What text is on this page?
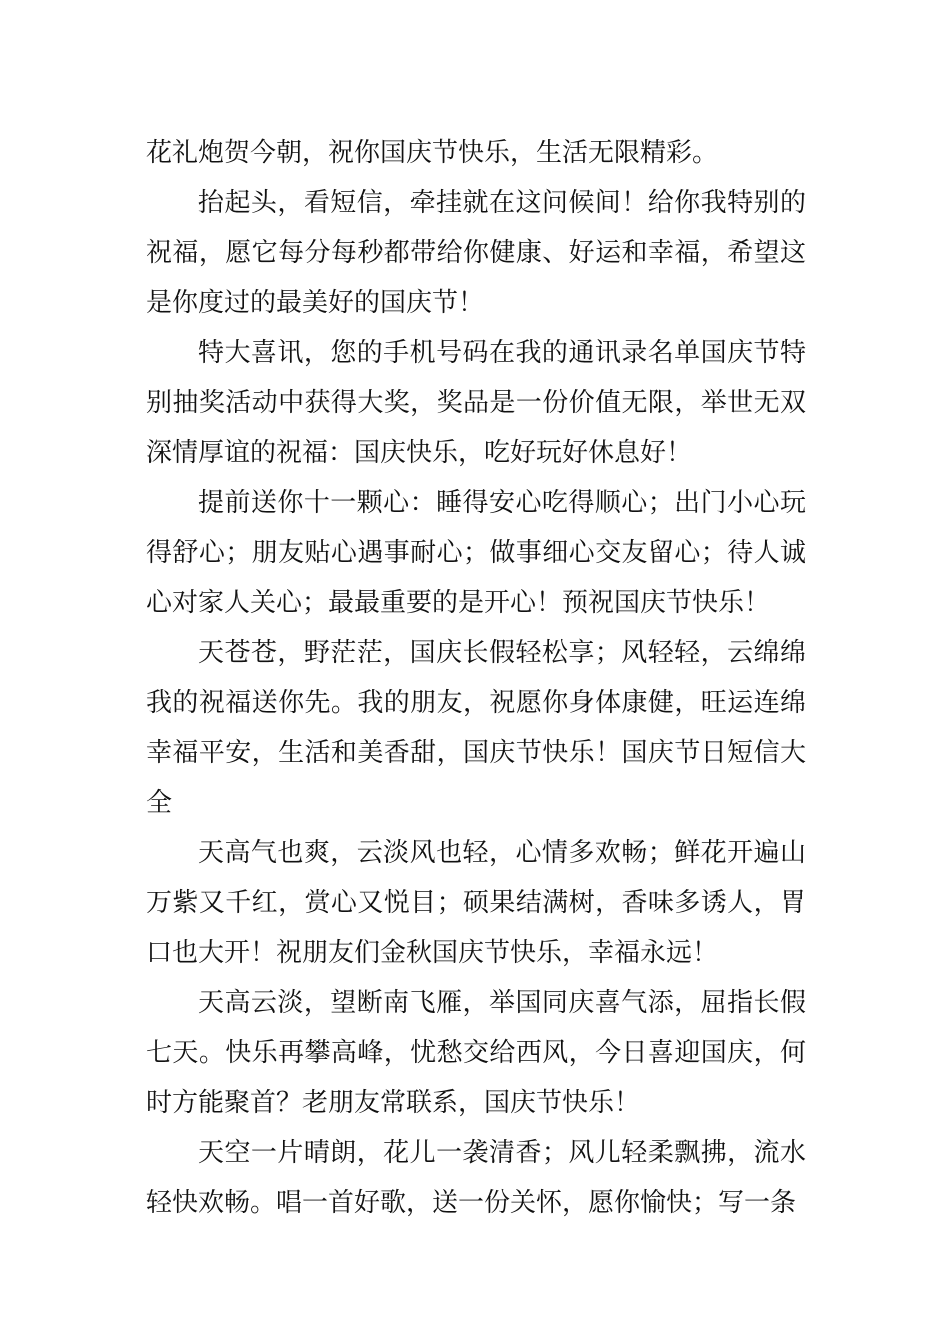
花礼炮贺今朝，祝你国庆节快乐，生活无限精彩。

抬起头，看短信，牵挂就在这问候间！给你我特别的祝福，愿它每分每秒都带给你健康、好运和幸福，希望这是你度过的最美好的国庆节！

特大喜讯，您的手机号码在我的通讯录名单国庆节特别抽奖活动中获得大奖，奖品是一份价值无限，举世无双深情厚谊的祝福：国庆快乐，吃好玩好休息好！

提前送你十一颗心：睡得安心吃得顺心；出门小心玩得舒心；朋友贴心遇事耐心；做事细心交友留心；待人诚心对家人关心；最最重要的是开心！预祝国庆节快乐！

天苍苍，野茫茫，国庆长假轻松享；风轻轻，云绵绵我的祝福送你先。我的朋友，祝愿你身体康健，旺运连绵幸福平安，生活和美香甜，国庆节快乐！国庆节日短信大全

天高气也爽，云淡风也轻，心情多欢畅；鲜花开遍山万紫又千红，赏心又悦目；硕果结满树，香味多诱人，胃口也大开！祝朋友们金秋国庆节快乐，幸福永远！

天高云淡，望断南飞雁，举国同庆喜气添，屈指长假七天。快乐再攀高峰，忧愁交给西风，今日喜迎国庆，何时方能聚首？老朋友常联系，国庆节快乐！

天空一片晴朗，花儿一袭清香；风儿轻柔飘拂，流水轻快欢畅。唱一首好歌，送一份关怀，愿你愉快；写一条
